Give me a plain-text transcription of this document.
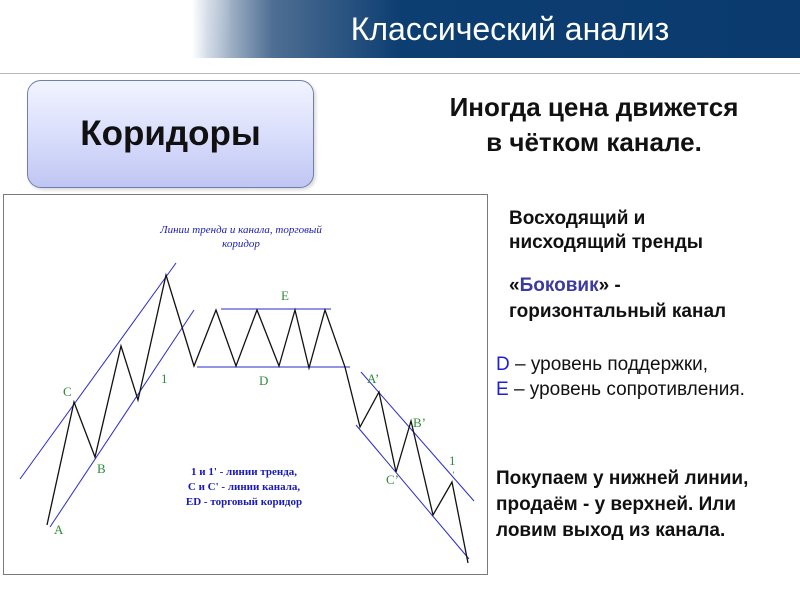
Классический анализ
Коридоры
Иногда цена движется
в чётком канале.
Линии тренда и канала, торговый
коридор
A
B
C
1
E
D	A’
B’
C’
1
’
1 и 1' - линии тренда,
С и С' - линии канала,
ЕD - торговый коридор
Восходящий и
нисходящий тренды
«Боковик» -
горизонтальный канал
D – уровень поддержки,
E – уровень сопротивления.
Покупаем у нижней линии,
продаём - у верхней. Или
ловим выход из канала.
